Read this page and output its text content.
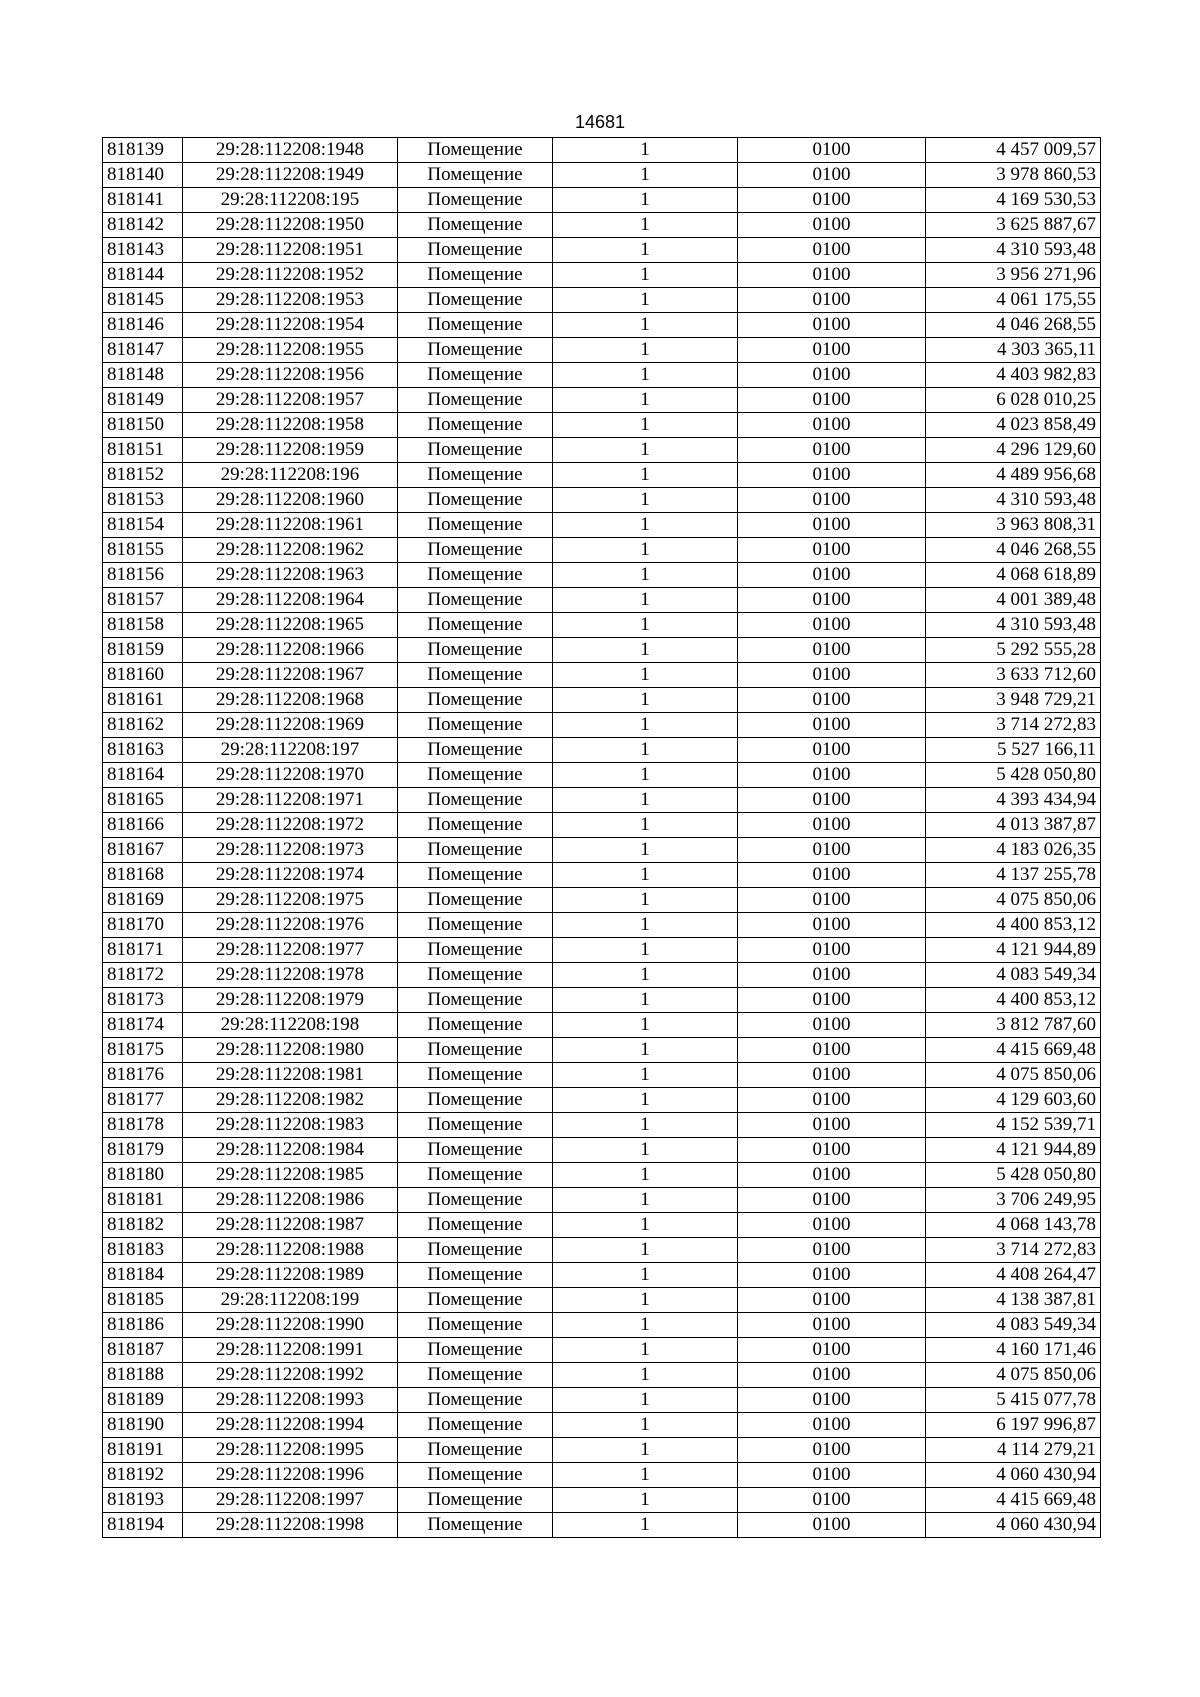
14681
818139	29:28:112208:1948	Помещение	1	0100	4 457 009,57
818140	29:28:112208:1949	Помещение	1	0100	3 978 860,53
818141	29:28:112208:195	Помещение	1	0100	4 169 530,53
818142	29:28:112208:1950	Помещение	1	0100	3 625 887,67
818143	29:28:112208:1951	Помещение	1	0100	4 310 593,48
818144	29:28:112208:1952	Помещение	1	0100	3 956 271,96
818145	29:28:112208:1953	Помещение	1	0100	4 061 175,55
818146	29:28:112208:1954	Помещение	1	0100	4 046 268,55
818147	29:28:112208:1955	Помещение	1	0100	4 303 365,11
818148	29:28:112208:1956	Помещение	1	0100	4 403 982,83
818149	29:28:112208:1957	Помещение	1	0100	6 028 010,25
818150	29:28:112208:1958	Помещение	1	0100	4 023 858,49
818151	29:28:112208:1959	Помещение	1	0100	4 296 129,60
818152	29:28:112208:196	Помещение	1	0100	4 489 956,68
818153	29:28:112208:1960	Помещение	1	0100	4 310 593,48
818154	29:28:112208:1961	Помещение	1	0100	3 963 808,31
818155	29:28:112208:1962	Помещение	1	0100	4 046 268,55
818156	29:28:112208:1963	Помещение	1	0100	4 068 618,89
818157	29:28:112208:1964	Помещение	1	0100	4 001 389,48
818158	29:28:112208:1965	Помещение	1	0100	4 310 593,48
818159	29:28:112208:1966	Помещение	1	0100	5 292 555,28
818160	29:28:112208:1967	Помещение	1	0100	3 633 712,60
818161	29:28:112208:1968	Помещение	1	0100	3 948 729,21
818162	29:28:112208:1969	Помещение	1	0100	3 714 272,83
818163	29:28:112208:197	Помещение	1	0100	5 527 166,11
818164	29:28:112208:1970	Помещение	1	0100	5 428 050,80
818165	29:28:112208:1971	Помещение	1	0100	4 393 434,94
818166	29:28:112208:1972	Помещение	1	0100	4 013 387,87
818167	29:28:112208:1973	Помещение	1	0100	4 183 026,35
818168	29:28:112208:1974	Помещение	1	0100	4 137 255,78
818169	29:28:112208:1975	Помещение	1	0100	4 075 850,06
818170	29:28:112208:1976	Помещение	1	0100	4 400 853,12
818171	29:28:112208:1977	Помещение	1	0100	4 121 944,89
818172	29:28:112208:1978	Помещение	1	0100	4 083 549,34
818173	29:28:112208:1979	Помещение	1	0100	4 400 853,12
818174	29:28:112208:198	Помещение	1	0100	3 812 787,60
818175	29:28:112208:1980	Помещение	1	0100	4 415 669,48
818176	29:28:112208:1981	Помещение	1	0100	4 075 850,06
818177	29:28:112208:1982	Помещение	1	0100	4 129 603,60
818178	29:28:112208:1983	Помещение	1	0100	4 152 539,71
818179	29:28:112208:1984	Помещение	1	0100	4 121 944,89
818180	29:28:112208:1985	Помещение	1	0100	5 428 050,80
818181	29:28:112208:1986	Помещение	1	0100	3 706 249,95
818182	29:28:112208:1987	Помещение	1	0100	4 068 143,78
818183	29:28:112208:1988	Помещение	1	0100	3 714 272,83
818184	29:28:112208:1989	Помещение	1	0100	4 408 264,47
818185	29:28:112208:199	Помещение	1	0100	4 138 387,81
818186	29:28:112208:1990	Помещение	1	0100	4 083 549,34
818187	29:28:112208:1991	Помещение	1	0100	4 160 171,46
818188	29:28:112208:1992	Помещение	1	0100	4 075 850,06
818189	29:28:112208:1993	Помещение	1	0100	5 415 077,78
818190	29:28:112208:1994	Помещение	1	0100	6 197 996,87
818191	29:28:112208:1995	Помещение	1	0100	4 114 279,21
818192	29:28:112208:1996	Помещение	1	0100	4 060 430,94
818193	29:28:112208:1997	Помещение	1	0100	4 415 669,48
818194	29:28:112208:1998	Помещение	1	0100	4 060 430,94
